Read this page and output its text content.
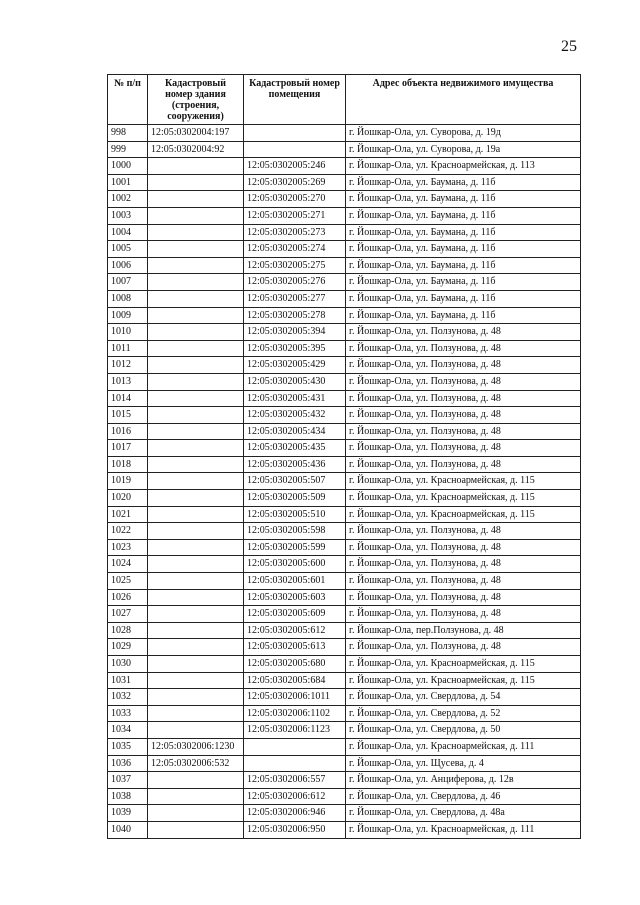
25
№ п/п	Кадастровый номер здания (строения, сооружения)	Кадастровый номер помещения	Адрес объекта недвижимого имущества
998	12:05:0302004:197		г. Йошкар-Ола, ул. Суворова, д. 19д
999	12:05:0302004:92		г. Йошкар-Ола, ул. Суворова, д. 19а
1000		12:05:0302005:246	г. Йошкар-Ола, ул. Красноармейская, д. 113
1001		12:05:0302005:269	г. Йошкар-Ола, ул. Баумана, д. 11б
1002		12:05:0302005:270	г. Йошкар-Ола, ул. Баумана, д. 11б
1003		12:05:0302005:271	г. Йошкар-Ола, ул. Баумана, д. 11б
1004		12:05:0302005:273	г. Йошкар-Ола, ул. Баумана, д. 11б
1005		12:05:0302005:274	г. Йошкар-Ола, ул. Баумана, д. 11б
1006		12:05:0302005:275	г. Йошкар-Ола, ул. Баумана, д. 11б
1007		12:05:0302005:276	г. Йошкар-Ола, ул. Баумана, д. 11б
1008		12:05:0302005:277	г. Йошкар-Ола, ул. Баумана, д. 11б
1009		12:05:0302005:278	г. Йошкар-Ола, ул. Баумана, д. 11б
1010		12:05:0302005:394	г. Йошкар-Ола, ул. Ползунова, д. 48
1011		12:05:0302005:395	г. Йошкар-Ола, ул. Ползунова, д. 48
1012		12:05:0302005:429	г. Йошкар-Ола, ул. Ползунова, д. 48
1013		12:05:0302005:430	г. Йошкар-Ола, ул. Ползунова, д. 48
1014		12:05:0302005:431	г. Йошкар-Ола, ул. Ползунова, д. 48
1015		12:05:0302005:432	г. Йошкар-Ола, ул. Ползунова, д. 48
1016		12:05:0302005:434	г. Йошкар-Ола, ул. Ползунова, д. 48
1017		12:05:0302005:435	г. Йошкар-Ола, ул. Ползунова, д. 48
1018		12:05:0302005:436	г. Йошкар-Ола, ул. Ползунова, д. 48
1019		12:05:0302005:507	г. Йошкар-Ола, ул. Красноармейская, д. 115
1020		12:05:0302005:509	г. Йошкар-Ола, ул. Красноармейская, д. 115
1021		12:05:0302005:510	г. Йошкар-Ола, ул. Красноармейская, д. 115
1022		12:05:0302005:598	г. Йошкар-Ола, ул. Ползунова, д. 48
1023		12:05:0302005:599	г. Йошкар-Ола, ул. Ползунова, д. 48
1024		12:05:0302005:600	г. Йошкар-Ола, ул. Ползунова, д. 48
1025		12:05:0302005:601	г. Йошкар-Ола, ул. Ползунова, д. 48
1026		12:05:0302005:603	г. Йошкар-Ола, ул. Ползунова, д. 48
1027		12:05:0302005:609	г. Йошкар-Ола, ул. Ползунова, д. 48
1028		12:05:0302005:612	г. Йошкар-Ола, пер.Ползунова, д. 48
1029		12:05:0302005:613	г. Йошкар-Ола, ул. Ползунова, д. 48
1030		12:05:0302005:680	г. Йошкар-Ола, ул. Красноармейская, д. 115
1031		12:05:0302005:684	г. Йошкар-Ола, ул. Красноармейская, д. 115
1032		12:05:0302006:1011	г. Йошкар-Ола, ул. Свердлова, д. 54
1033		12:05:0302006:1102	г. Йошкар-Ола, ул. Свердлова, д. 52
1034		12:05:0302006:1123	г. Йошкар-Ола, ул. Свердлова, д. 50
1035	12:05:0302006:1230		г. Йошкар-Ола, ул. Красноармейская, д. 111
1036	12:05:0302006:532		г. Йошкар-Ола, ул. Щусева, д. 4
1037		12:05:0302006:557	г. Йошкар-Ола, ул. Анциферова, д. 12в
1038		12:05:0302006:612	г. Йошкар-Ола, ул. Свердлова, д. 46
1039		12:05:0302006:946	г. Йошкар-Ола, ул. Свердлова, д. 48а
1040		12:05:0302006:950	г. Йошкар-Ола, ул. Красноармейская, д. 111
